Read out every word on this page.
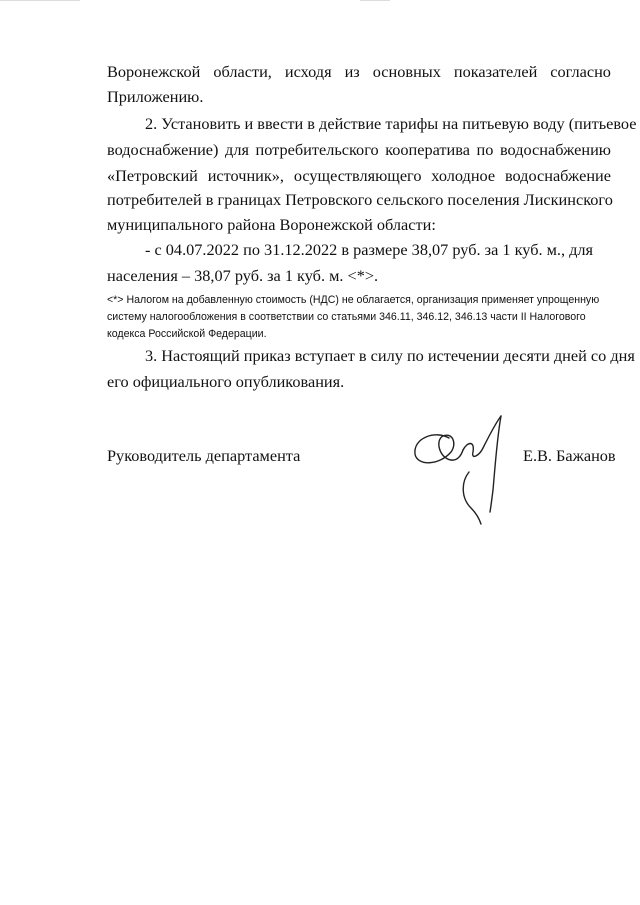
Воронежской области, исходя из основных показателей согласно
Приложению.
2. Установить и ввести в действие тарифы на питьевую воду (питьевое
водоснабжение) для потребительского кооператива по водоснабжению
«Петровский источник», осуществляющего холодное водоснабжение
потребителей в границах Петровского сельского поселения Лискинского
муниципального района Воронежской области:
- с 04.07.2022 по 31.12.2022 в размере 38,07 руб. за 1 куб. м., для
населения – 38,07 руб. за 1 куб. м. <*>.
<*> Налогом на добавленную стоимость (НДС) не облагается, организация применяет упрощенную
систему налогообложения в соответствии со статьями 346.11, 346.12, 346.13 части II Налогового
кодекса Российской Федерации.
3. Настоящий приказ вступает в силу по истечении десяти дней со дня
его официального опубликования.
Руководитель департамента	Е.В. Бажанов
